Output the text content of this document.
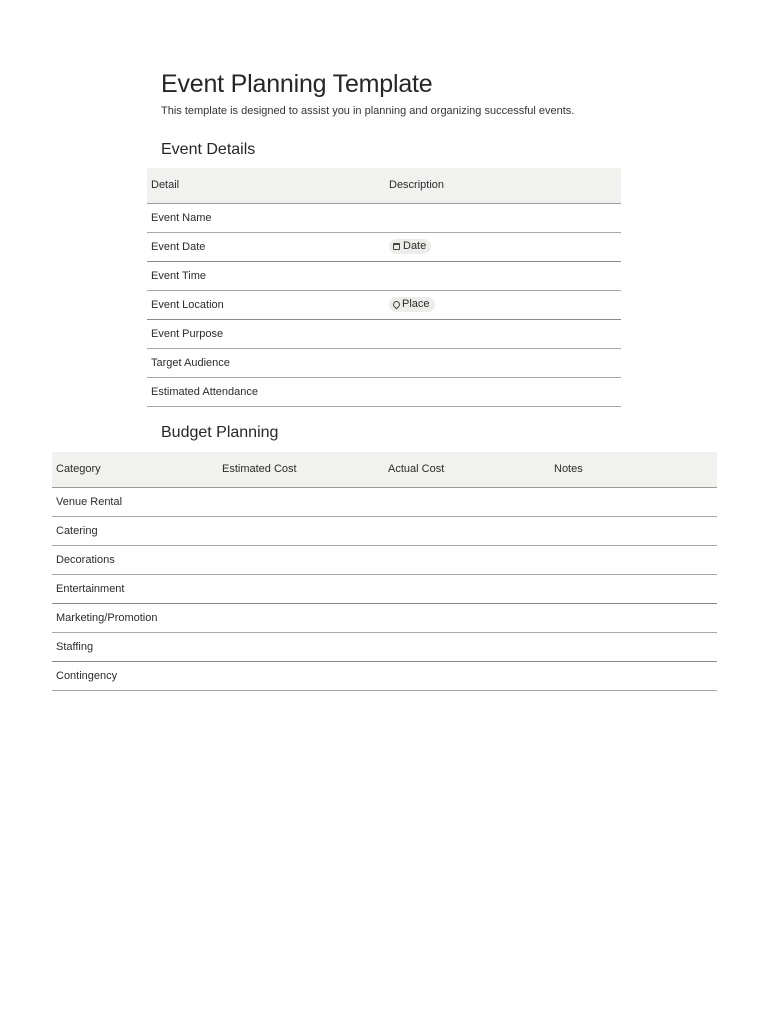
Event Planning Template

This template is designed to assist you in planning and organizing successful events.

Event Details
Detail	Description
Event Name	
Event Date	Date

Event Time	
Event Location	Place

Event Purpose	
Target Audience	
Estimated Attendance	
Budget Planning
Category	Estimated Cost	Actual Cost	Notes
Venue Rental			
Catering			
Decorations			
Entertainment			
Marketing/Promotion			
Staffing			
Contingency			
